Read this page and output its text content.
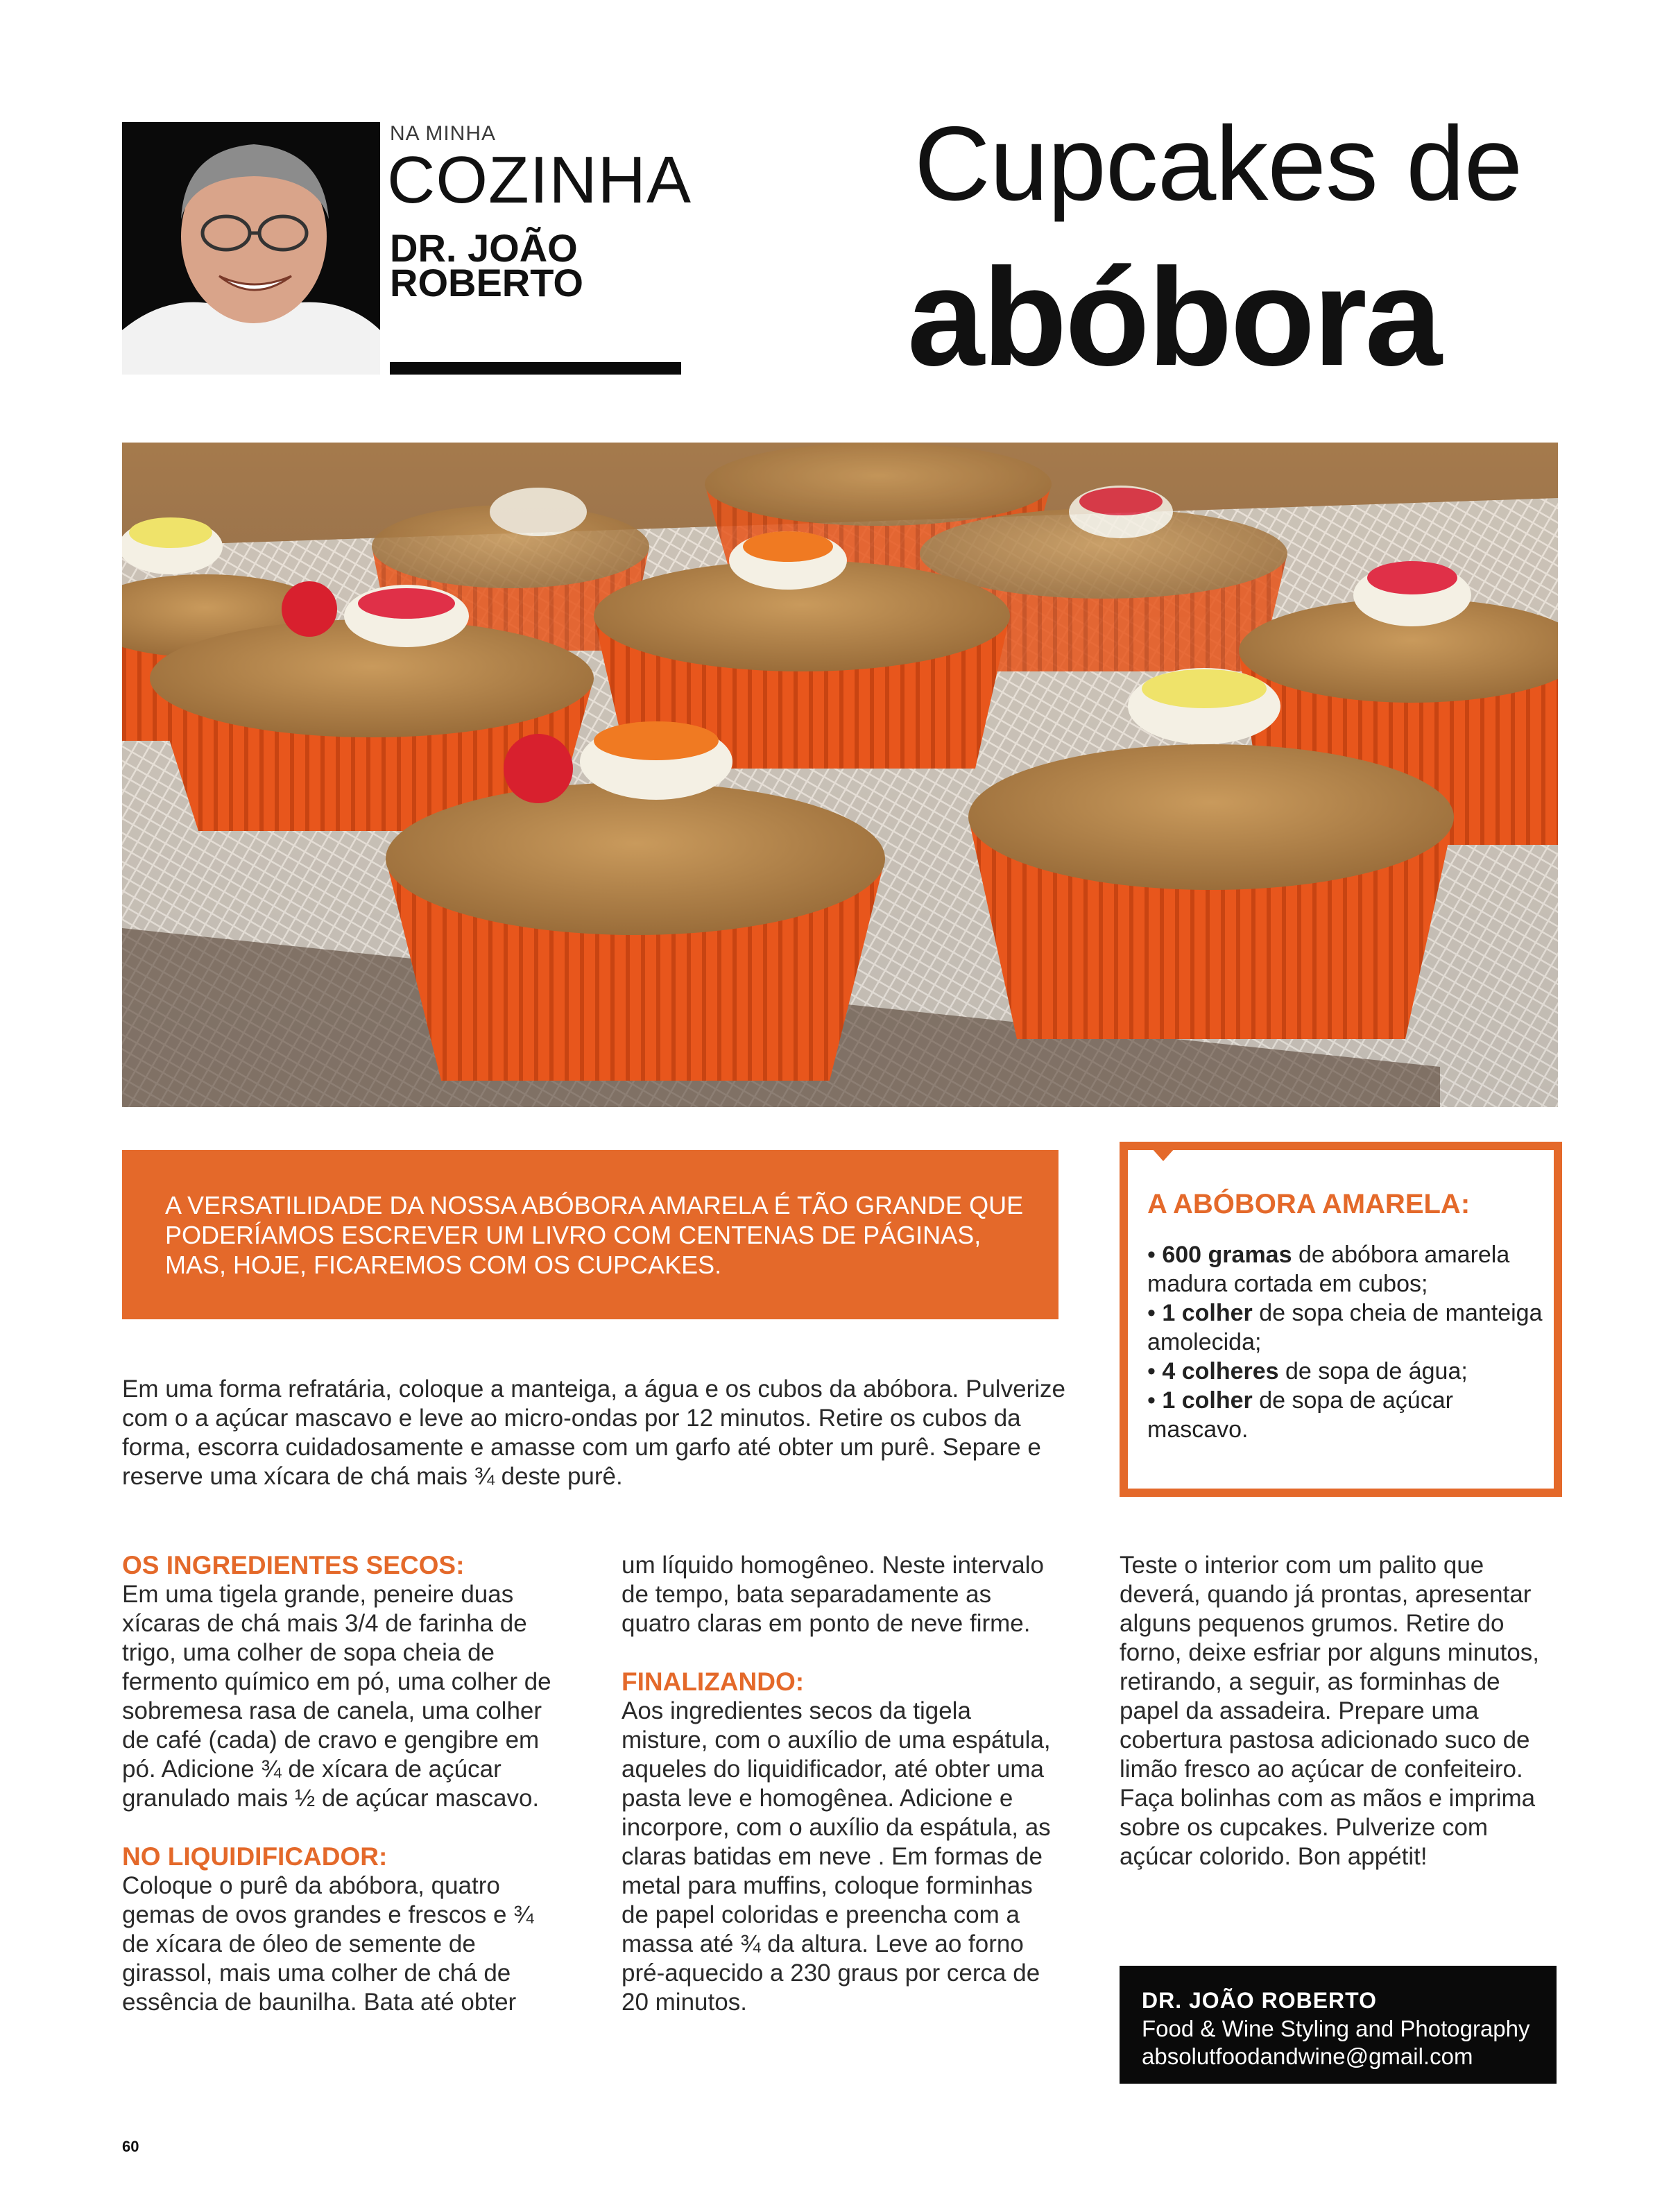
NA MINHA
COZINHA
DR. JOÃO
ROBERTO
Cupcakes de
abóbora
A VERSATILIDADE DA NOSSA ABÓBORA AMARELA É TÃO GRANDE QUE PODERÍAMOS ESCREVER UM LIVRO COM CENTENAS DE PÁGINAS, MAS, HOJE, FICAREMOS COM OS CUPCAKES.
A ABÓBORA AMARELA:
• 600 gramas de abóbora amarela madura cortada em cubos;
• 1 colher de sopa cheia de manteiga amolecida;
• 4 colheres de sopa de água;
• 1 colher de sopa de açúcar mascavo.
Em uma forma refratária, coloque a manteiga, a água e os cubos da abóbora. Pulverize com o a açúcar mascavo e leve ao micro-ondas por 12 minutos. Retire os cubos da forma, escorra cuidadosamente e amasse com um garfo até obter um purê. Separe e reserve uma xícara de chá mais ¾ deste purê.
OS INGREDIENTES SECOS:

Em uma tigela grande, peneire duas xícaras de chá mais 3/4 de farinha de trigo, uma colher de sopa cheia de fermento químico em pó, uma colher de sobremesa rasa de canela, uma colher de café (cada) de cravo e gengibre em pó. Adicione ¾ de xícara de açúcar granulado mais ½ de açúcar mascavo.

NO LIQUIDIFICADOR:

Coloque o purê da abóbora, quatro gemas de ovos grandes e frescos e ¾ de xícara de óleo de semente de girassol, mais uma colher de chá de essência de baunilha. Bata até obter

um líquido homogêneo. Neste intervalo de tempo, bata separadamente as quatro claras em ponto de neve firme.

FINALIZANDO:

Aos ingredientes secos da tigela misture, com o auxílio de uma espátula, aqueles do liquidificador, até obter uma pasta leve e homogênea. Adicione e incorpore, com o auxílio da espátula, as claras batidas em neve . Em formas de metal para muffins, coloque forminhas de papel coloridas e preencha com a massa até ¾ da altura. Leve ao forno pré-aquecido a 230 graus por cerca de 20 minutos.

Teste o interior com um palito que deverá, quando já prontas, apresentar alguns pequenos grumos. Retire do forno, deixe esfriar por alguns minutos, retirando, a seguir, as forminhas de papel da assadeira. Prepare uma cobertura pastosa adicionado suco de limão fresco ao açúcar de confeiteiro. Faça bolinhas com as mãos e imprima sobre os cupcakes. Pulverize com açúcar colorido. Bon appétit!

DR. JOÃO ROBERTO
Food & Wine Styling and Photography
absolutfoodandwine@gmail.com
60
